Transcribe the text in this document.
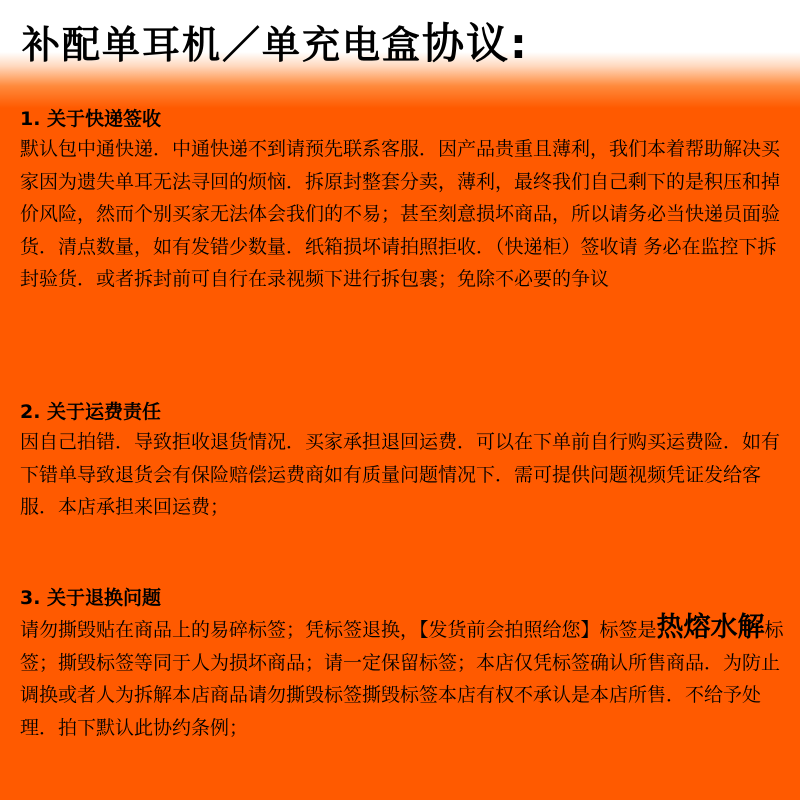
补配单耳机／单充电盒协议:
1. 关于快递签收
默认包中通快递．中通快递不到请预先联系客服．因产品贵重且薄利，我们本着帮助解决买家因为遗失单耳无法寻回的烦恼．拆原封整套分卖，薄利，最终我们自己剩下的是积压和掉价风险，然而个别买家无法体会我们的不易；甚至刻意损坏商品，所以请务必当快递员面验货．清点数量，如有发错少数量．纸箱损坏请拍照拒收．（快递柜）签收请 务必在监控下拆封验货．或者拆封前可自行在录视频下进行拆包裹；免除不必要的争议
2. 关于运费责任
因自己拍错．导致拒收退货情况．买家承担退回运费．可以在下单前自行购买运费险．如有下错单导致退货会有保险赔偿运费商如有质量问题情况下．需可提供问题视频凭证发给客服．本店承担来回运费；
3. 关于退换问题
请勿撕毁贴在商品上的易碎标签；凭标签退换，【发货前会拍照给您】标签是热熔水解标签；撕毁标签等同于人为损坏商品；请一定保留标签；本店仅凭标签确认所售商品．为防止调换或者人为拆解本店商品请勿撕毁标签撕毁标签本店有权不承认是本店所售．不给予处理．拍下默认此协约条例；
